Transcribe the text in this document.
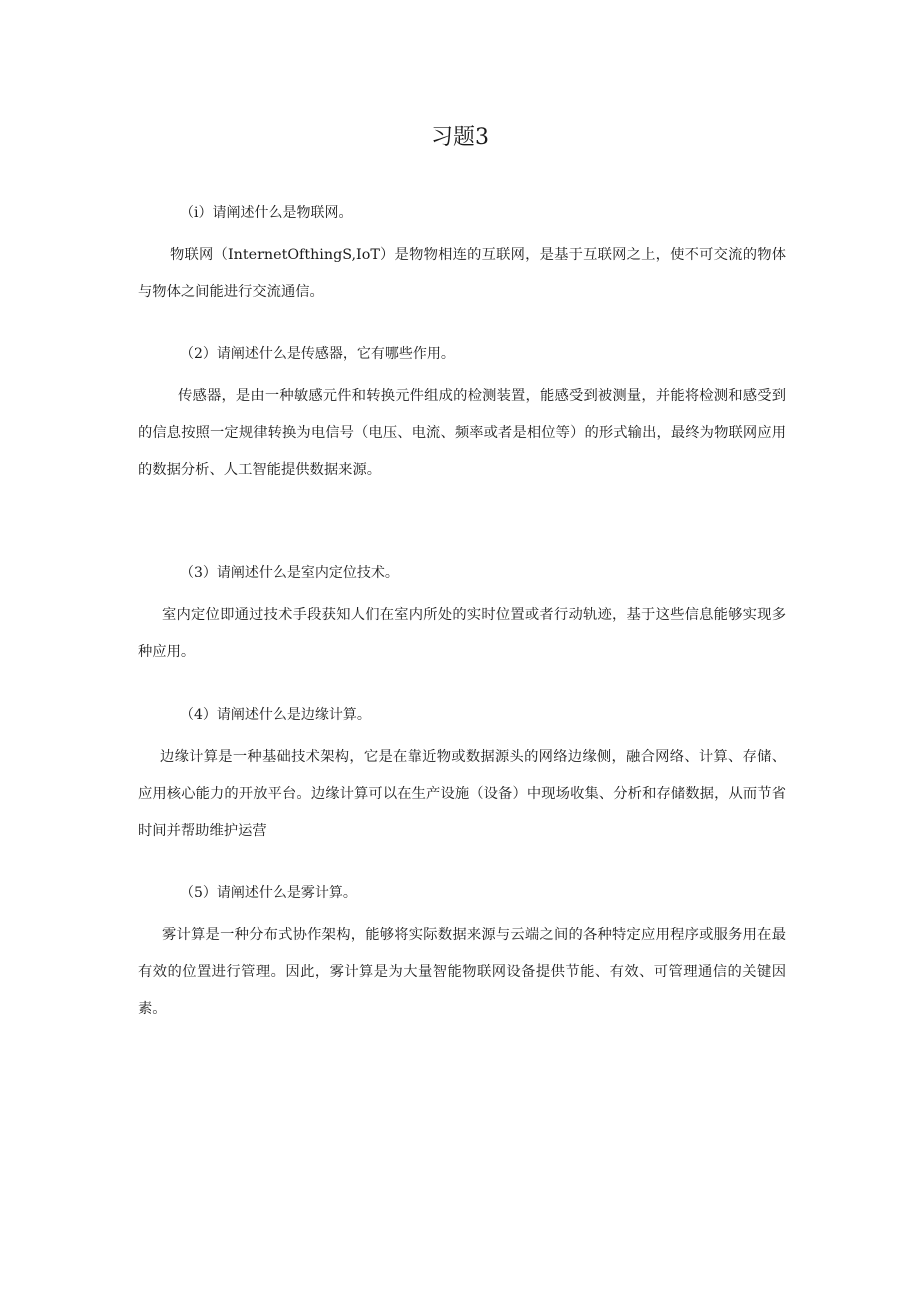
习题3

（i）请阐述什么是物联网。

物联网（InternetOfthingS,IoT）是物物相连的互联网，是基于互联网之上，使不可交流的物体与物体之间能进行交流通信。

（2）请阐述什么是传感器，它有哪些作用。

传感器，是由一种敏感元件和转换元件组成的检测装置，能感受到被测量，并能将检测和感受到的信息按照一定规律转换为电信号（电压、电流、频率或者是相位等）的形式输出，最终为物联网应用的数据分析、人工智能提供数据来源。

（3）请阐述什么是室内定位技术。

室内定位即通过技术手段获知人们在室内所处的实时位置或者行动轨迹，基于这些信息能够实现多种应用。

（4）请阐述什么是边缘计算。

边缘计算是一种基础技术架构，它是在靠近物或数据源头的网络边缘侧，融合网络、计算、存储、应用核心能力的开放平台。边缘计算可以在生产设施（设备）中现场收集、分析和存储数据，从而节省时间并帮助维护运营

（5）请阐述什么是雾计算。

雾计算是一种分布式协作架构，能够将实际数据来源与云端之间的各种特定应用程序或服务用在最有效的位置进行管理。因此，雾计算是为大量智能物联网设备提供节能、有效、可管理通信的关键因素。
